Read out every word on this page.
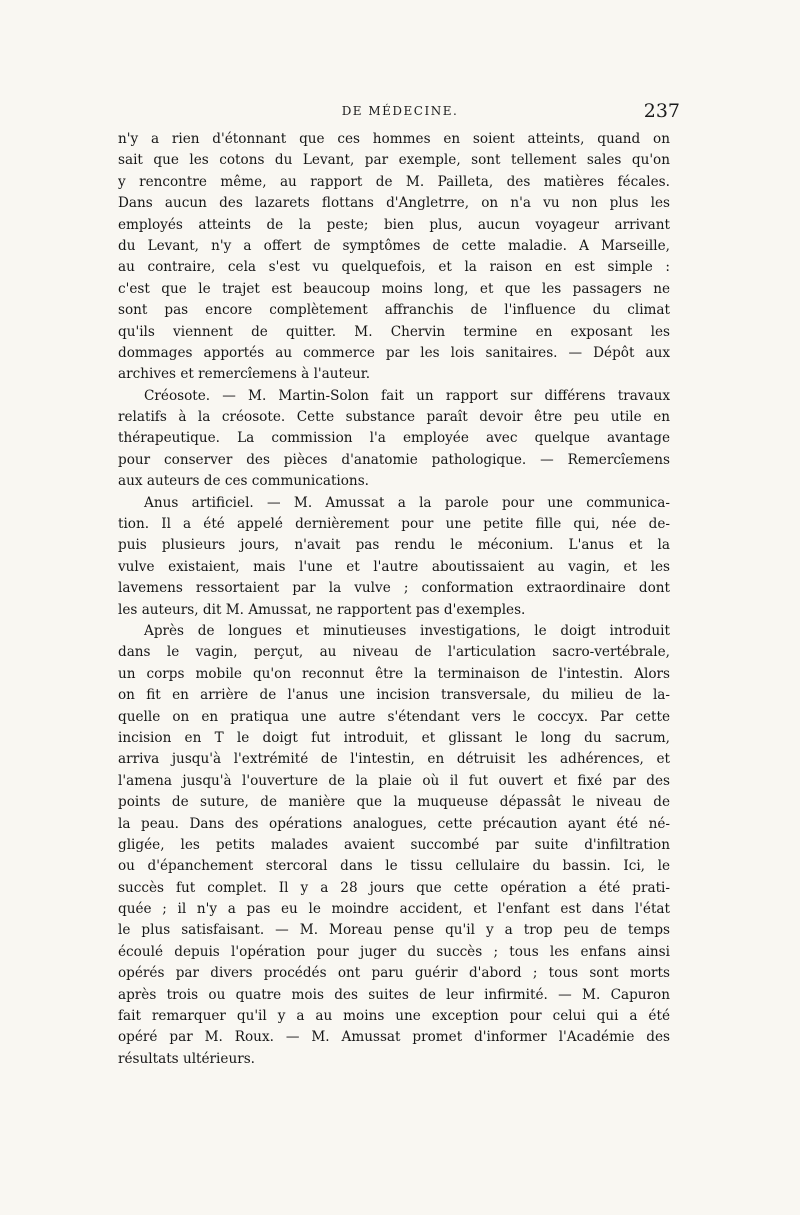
DE MÉDECINE.	237
n'y a rien d'étonnant que ces hommes en soient atteints, quand on
sait que les cotons du Levant, par exemple, sont tellement sales qu'on
y rencontre même, au rapport de M. Pailleta, des matières fécales.
Dans aucun des lazarets flottans d'Angletrre, on n'a vu non plus les
employés atteints de la peste; bien plus, aucun voyageur arrivant
du Levant, n'y a offert de symptômes de cette maladie. A Marseille,
au contraire, cela s'est vu quelquefois, et la raison en est simple :
c'est que le trajet est beaucoup moins long, et que les passagers ne
sont pas encore complètement affranchis de l'influence du climat
qu'ils viennent de quitter. M. Chervin termine en exposant les
dommages apportés au commerce par les lois sanitaires. — Dépôt aux
archives et remercîemens à l'auteur.
Créosote. — M. Martin-Solon fait un rapport sur différens travaux
relatifs à la créosote. Cette substance paraît devoir être peu utile en
thérapeutique. La commission l'a employée avec quelque avantage
pour conserver des pièces d'anatomie pathologique. — Remercîemens
aux auteurs de ces communications.
Anus artificiel. — M. Amussat a la parole pour une communica-
tion. Il a été appelé dernièrement pour une petite fille qui, née de-
puis plusieurs jours, n'avait pas rendu le méconium. L'anus et la
vulve existaient, mais l'une et l'autre aboutissaient au vagin, et les
lavemens ressortaient par la vulve ; conformation extraordinaire dont
les auteurs, dit M. Amussat, ne rapportent pas d'exemples.
Après de longues et minutieuses investigations, le doigt introduit
dans le vagin, perçut, au niveau de l'articulation sacro-vertébrale,
un corps mobile qu'on reconnut être la terminaison de l'intestin. Alors
on fit en arrière de l'anus une incision transversale, du milieu de la-
quelle on en pratiqua une autre s'étendant vers le coccyx. Par cette
incision en T le doigt fut introduit, et glissant le long du sacrum,
arriva jusqu'à l'extrémité de l'intestin, en détruisit les adhérences, et
l'amena jusqu'à l'ouverture de la plaie où il fut ouvert et fixé par des
points de suture, de manière que la muqueuse dépassât le niveau de
la peau. Dans des opérations analogues, cette précaution ayant été né-
gligée, les petits malades avaient succombé par suite d'infiltration
ou d'épanchement stercoral dans le tissu cellulaire du bassin. Ici, le
succès fut complet. Il y a 28 jours que cette opération a été prati-
quée ; il n'y a pas eu le moindre accident, et l'enfant est dans l'état
le plus satisfaisant. — M. Moreau pense qu'il y a trop peu de temps
écoulé depuis l'opération pour juger du succès ; tous les enfans ainsi
opérés par divers procédés ont paru guérir d'abord ; tous sont morts
après trois ou quatre mois des suites de leur infirmité. — M. Capuron
fait remarquer qu'il y a au moins une exception pour celui qui a été
opéré par M. Roux. — M. Amussat promet d'informer l'Académie des
résultats ultérieurs.
